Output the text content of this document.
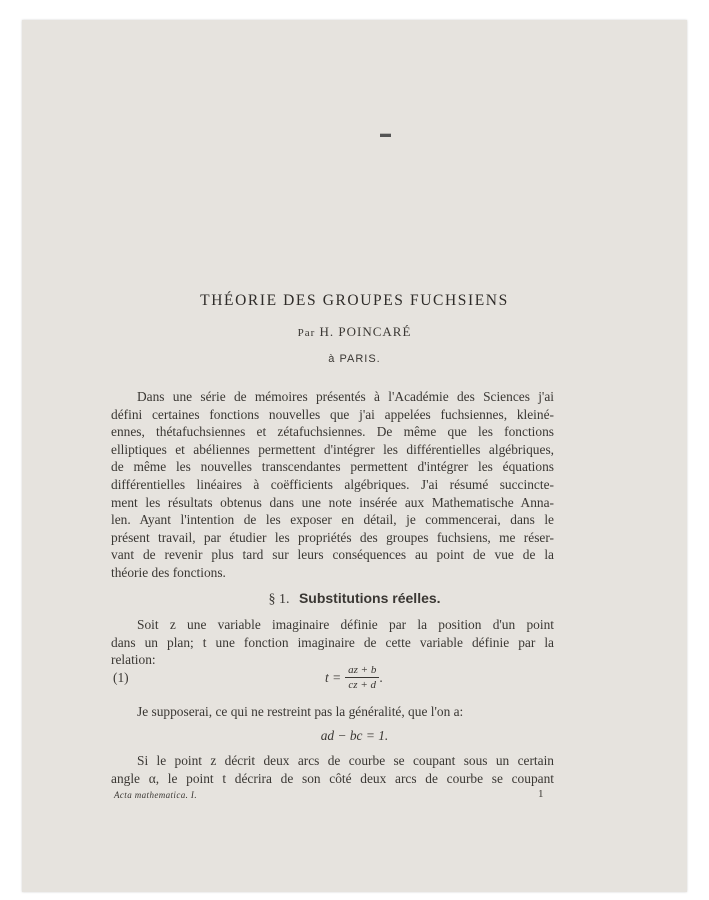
▬
THÉORIE DES GROUPES FUCHSIENS
Par H. POINCARÉ
à PARIS.
Dans une série de mémoires présentés à l'Académie des Sciences j'ai
défini certaines fonctions nouvelles que j'ai appelées fuchsiennes, kleiné-
ennes, thétafuchsiennes et zétafuchsiennes. De même que les fonctions
elliptiques et abéliennes permettent d'intégrer les différentielles algébriques,
de même les nouvelles transcendantes permettent d'intégrer les équations
différentielles linéaires à coëfficients algébriques. J'ai résumé succincte-
ment les résultats obtenus dans une note insérée aux Mathematische Anna-
len. Ayant l'intention de les exposer en détail, je commencerai, dans le
présent travail, par étudier les propriétés des groupes fuchsiens, me réser-
vant de revenir plus tard sur leurs conséquences au point de vue de la
théorie des fonctions.
§ 1. Substitutions réelles.
Soit z une variable imaginaire définie par la position d'un point
dans un plan; t une fonction imaginaire de cette variable définie par la
relation:
(1)	$t = \frac{az + b}{cz + d}$ .
Je supposerai, ce qui ne restreint pas la généralité, que l'on a:
ad − bc = 1.
Si le point z décrit deux arcs de courbe se coupant sous un certain
angle α, le point t décrira de son côté deux arcs de courbe se coupant
Acta mathematica. I.	1
